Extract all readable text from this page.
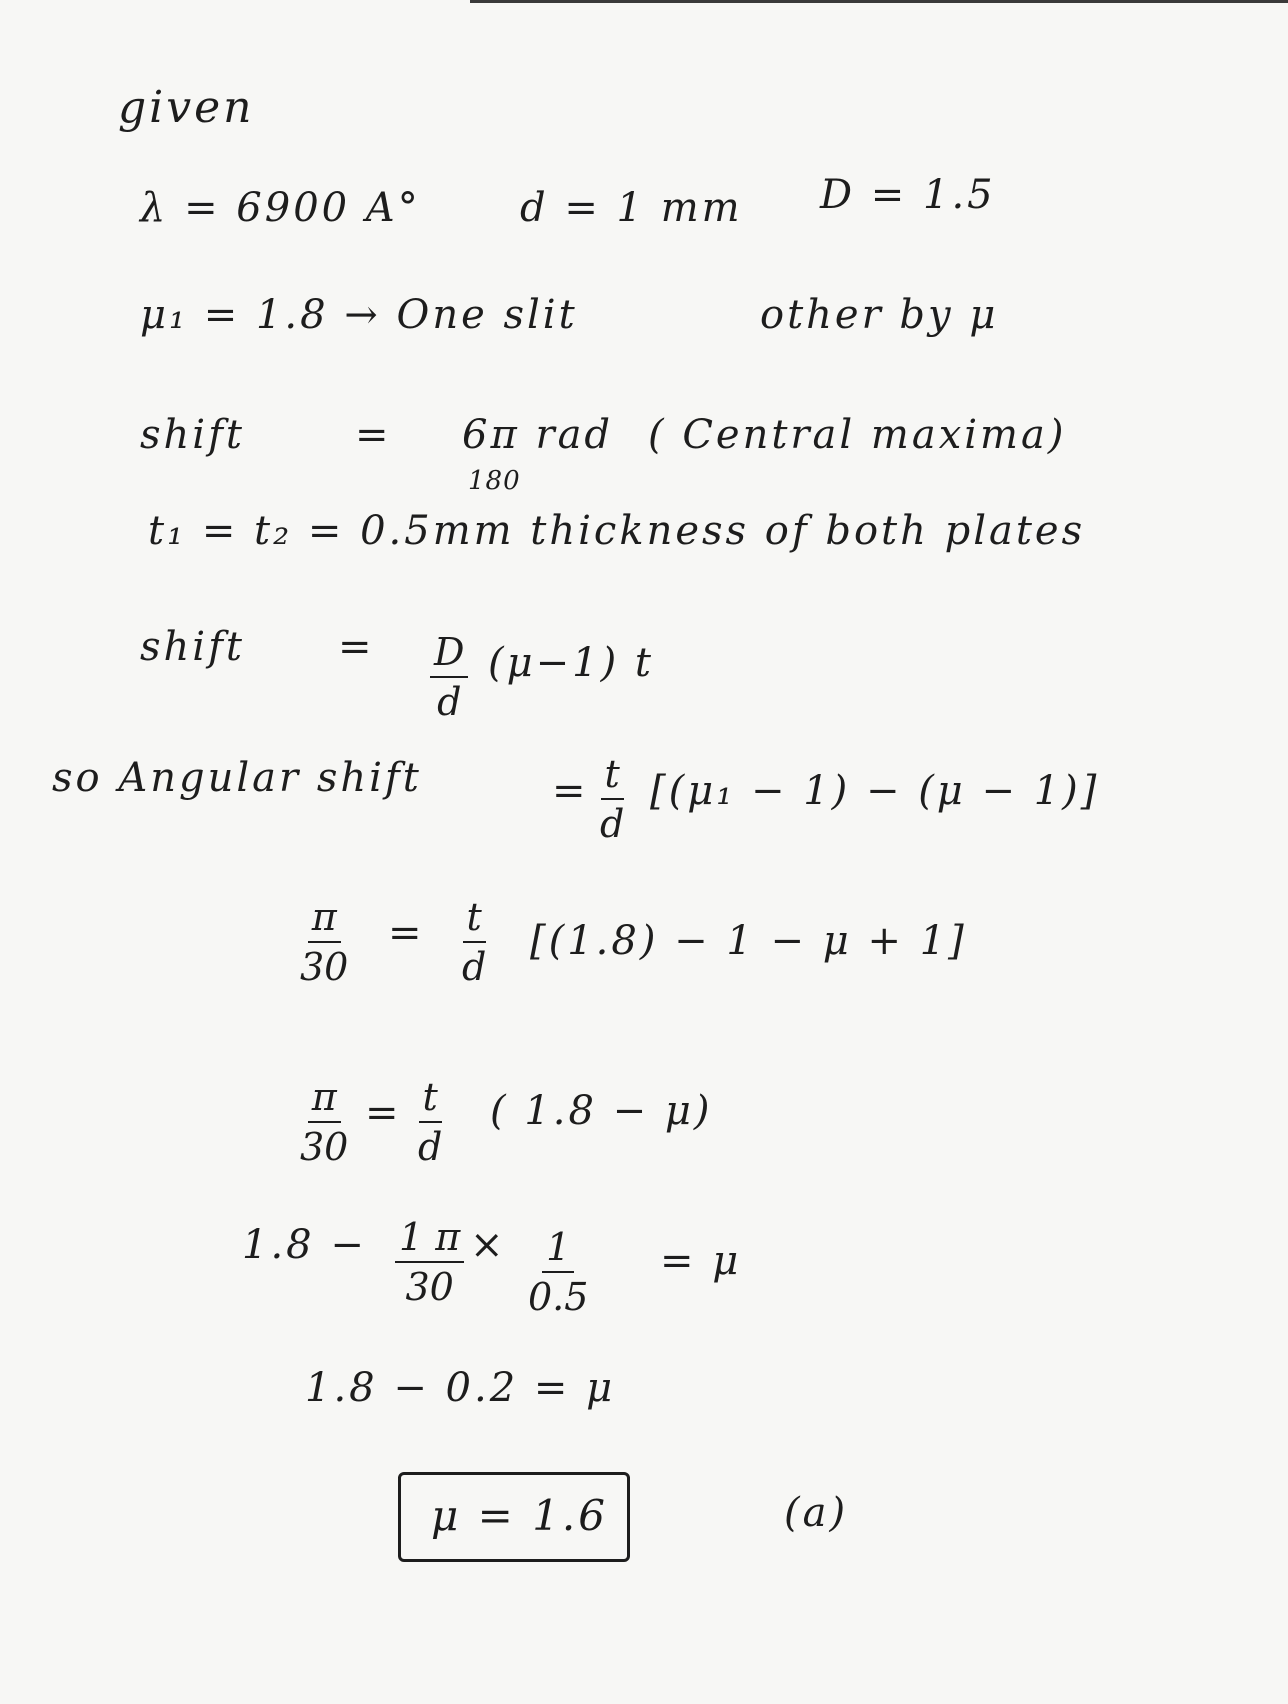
given
λ = 6900 A° d = 1 mm D = 1.5
μ₁ = 1.8 → One slit	other by μ
shift	= 6π rad
180
( Central maxima)
t₁ = t₂ = 0.5mm thickness of both plates
shift = $\frac{D}{d} (\mu-1)$ t
so Angular shift	= $\frac{t}{d} [(\mu_1 - 1) - (\mu - 1)]$
$\frac{\pi}{30} = \frac{t}{d} [(1.8) - 1 - \mu + 1]$
$\frac{\pi}{30} = \frac{t}{d}$ ( 1.8 − μ)
$1.8 - \frac{1 \pi}{30} \times \frac{1}{0.5} = \mu$
1.8 − 0.2 = μ
μ = 1.6	(a)
